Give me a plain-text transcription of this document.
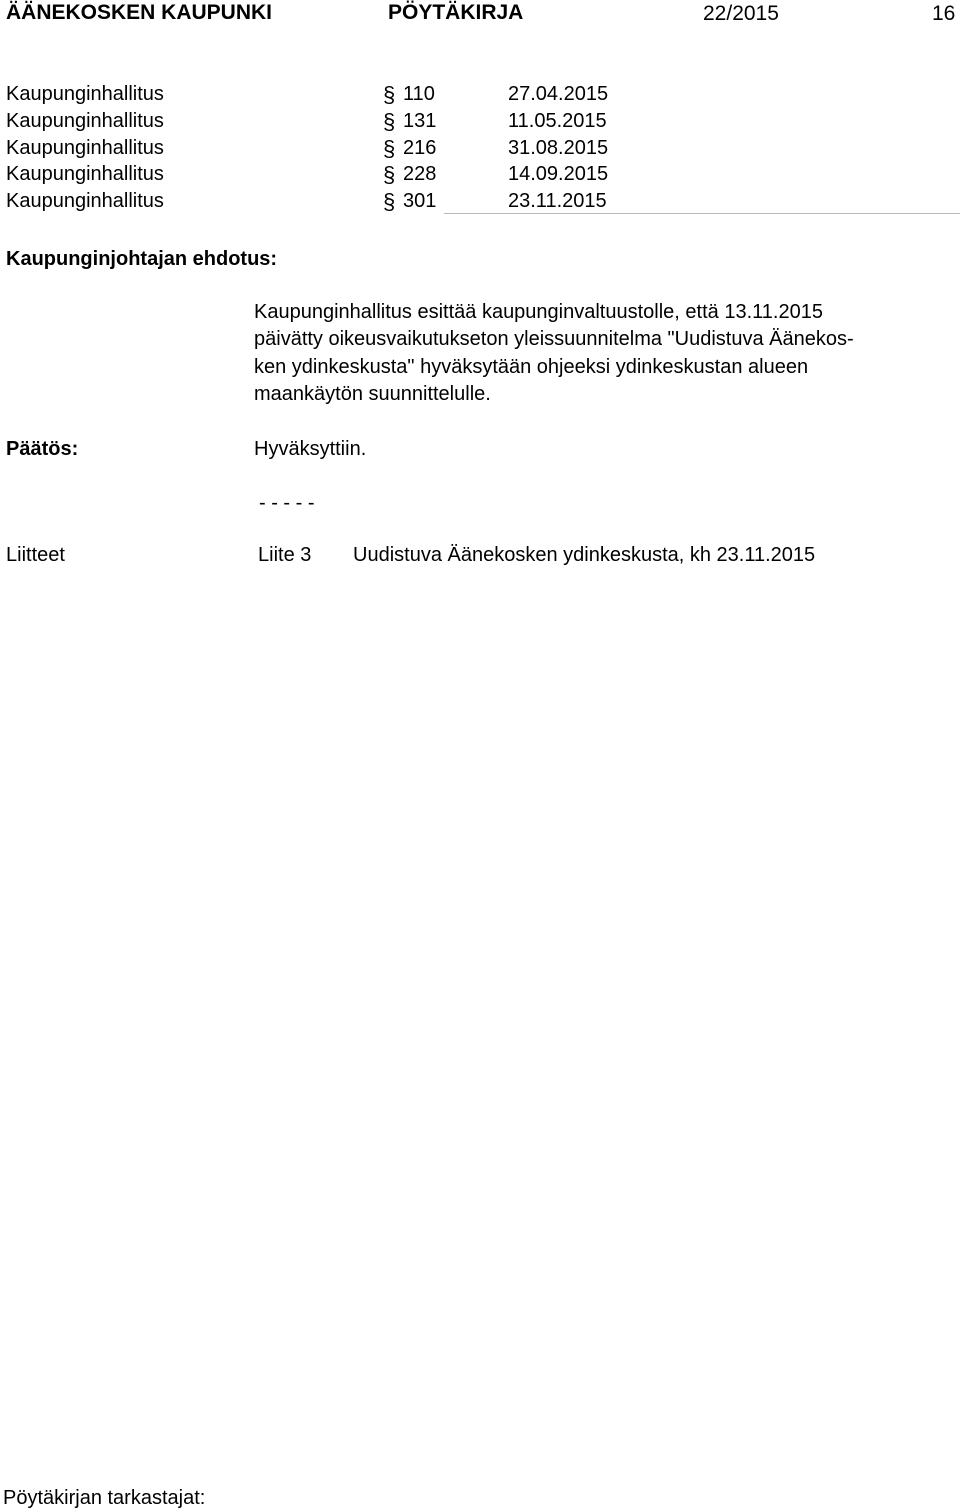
ÄÄNEKOSKEN KAUPUNKI	PÖYTÄKIRJA	22/2015	16
Kaupunginhallitus	§ 110	27.04.2015
Kaupunginhallitus	§ 131	11.05.2015
Kaupunginhallitus	§ 216	31.08.2015
Kaupunginhallitus	§ 228	14.09.2015
Kaupunginhallitus	§ 301	23.11.2015
Kaupunginjohtajan ehdotus:
Kaupunginhallitus esittää kaupunginvaltuustolle, että 13.11.2015
päivätty oikeusvaikutukseton yleissuunnitelma "Uudistuva Äänekos-
ken ydinkeskusta" hyväksytään ohjeeksi ydinkeskustan alueen
maankäytön suunnittelulle.
Päätös:	Hyväksyttiin.
- - - - -
Liitteet	Liite 3 Uudistuva Äänekosken ydinkeskusta, kh 23.11.2015
Pöytäkirjan tarkastajat:
